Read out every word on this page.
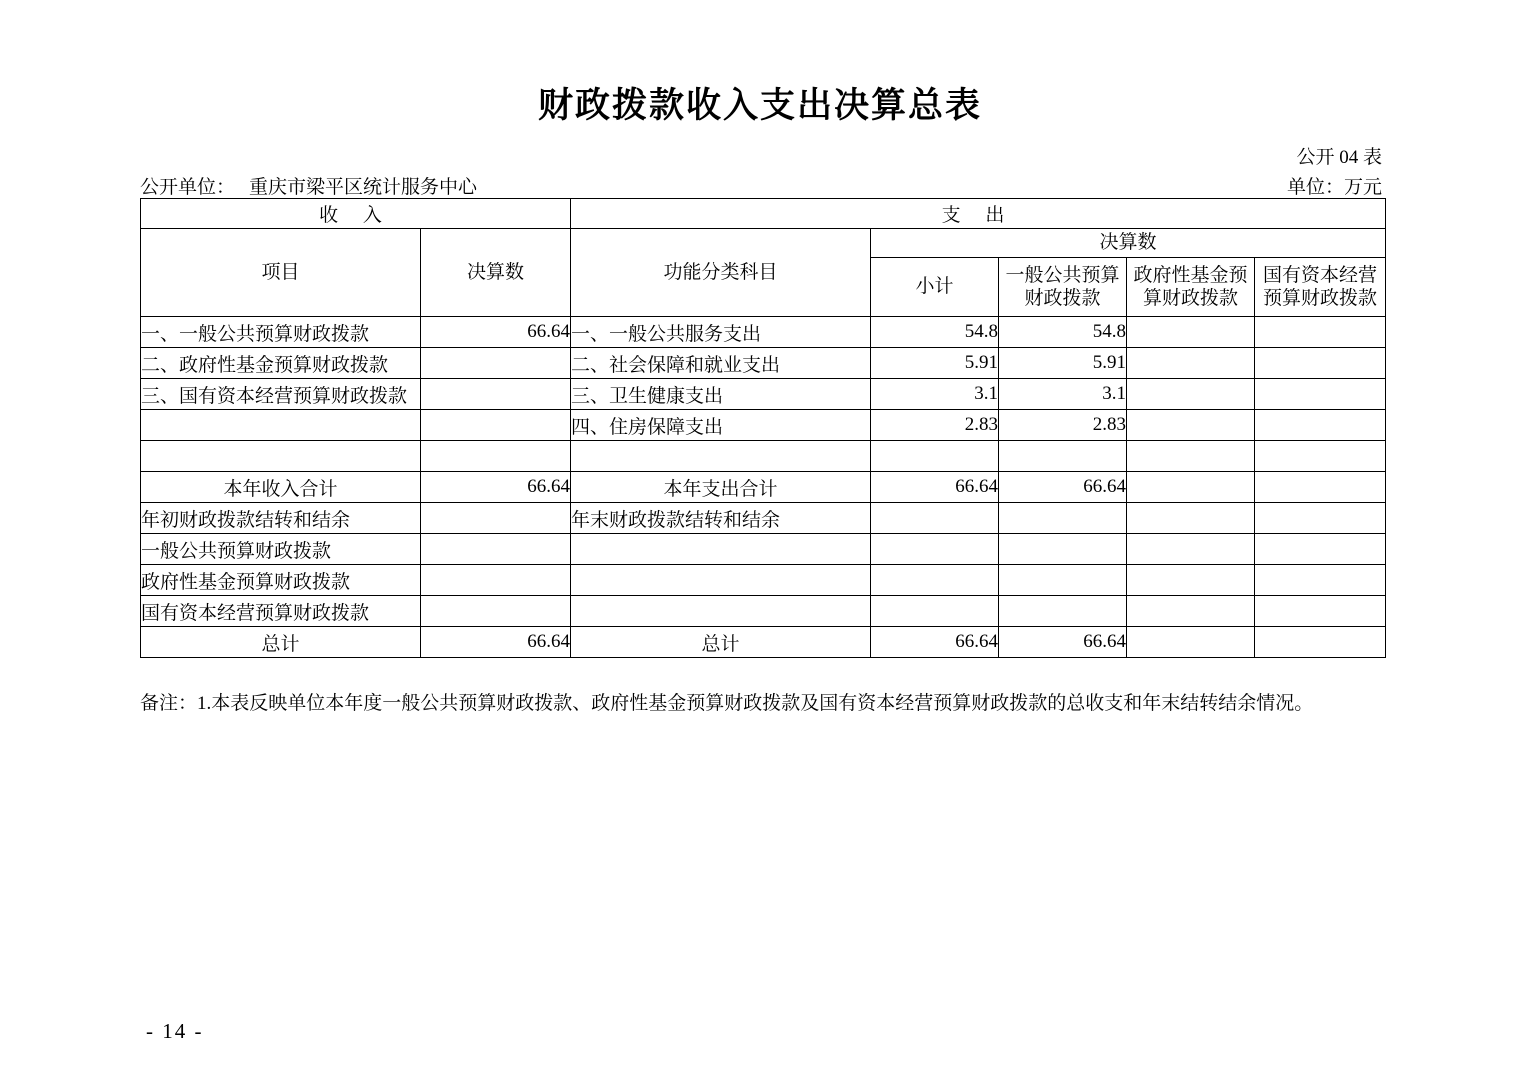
财政拨款收入支出决算总表
公开 04 表
公开单位： 重庆市梁平区统计服务中心	单位：万元
收 入		支 出				
项目	决算数	功能分类科目	决算数			
			小计	一般公共预算财政拨款	政府性基金预算财政拨款	国有资本经营预算财政拨款
一、一般公共预算财政拨款	66.64	一、一般公共服务支出	54.8	54.8		
二、政府性基金预算财政拨款		二、社会保障和就业支出	5.91	5.91		
三、国有资本经营预算财政拨款		三、卫生健康支出	3.1	3.1		
		四、住房保障支出	2.83	2.83		

本年收入合计	66.64	本年支出合计	66.64	66.64		
年初财政拨款结转和结余		年末财政拨款结转和结余				
一般公共预算财政拨款						
政府性基金预算财政拨款						
国有资本经营预算财政拨款						
总计	66.64	总计	66.64	66.64		
备注：1.本表反映单位本年度一般公共预算财政拨款、政府性基金预算财政拨款及国有资本经营预算财政拨款的总收支和年末结转结余情况。
- 14 -
